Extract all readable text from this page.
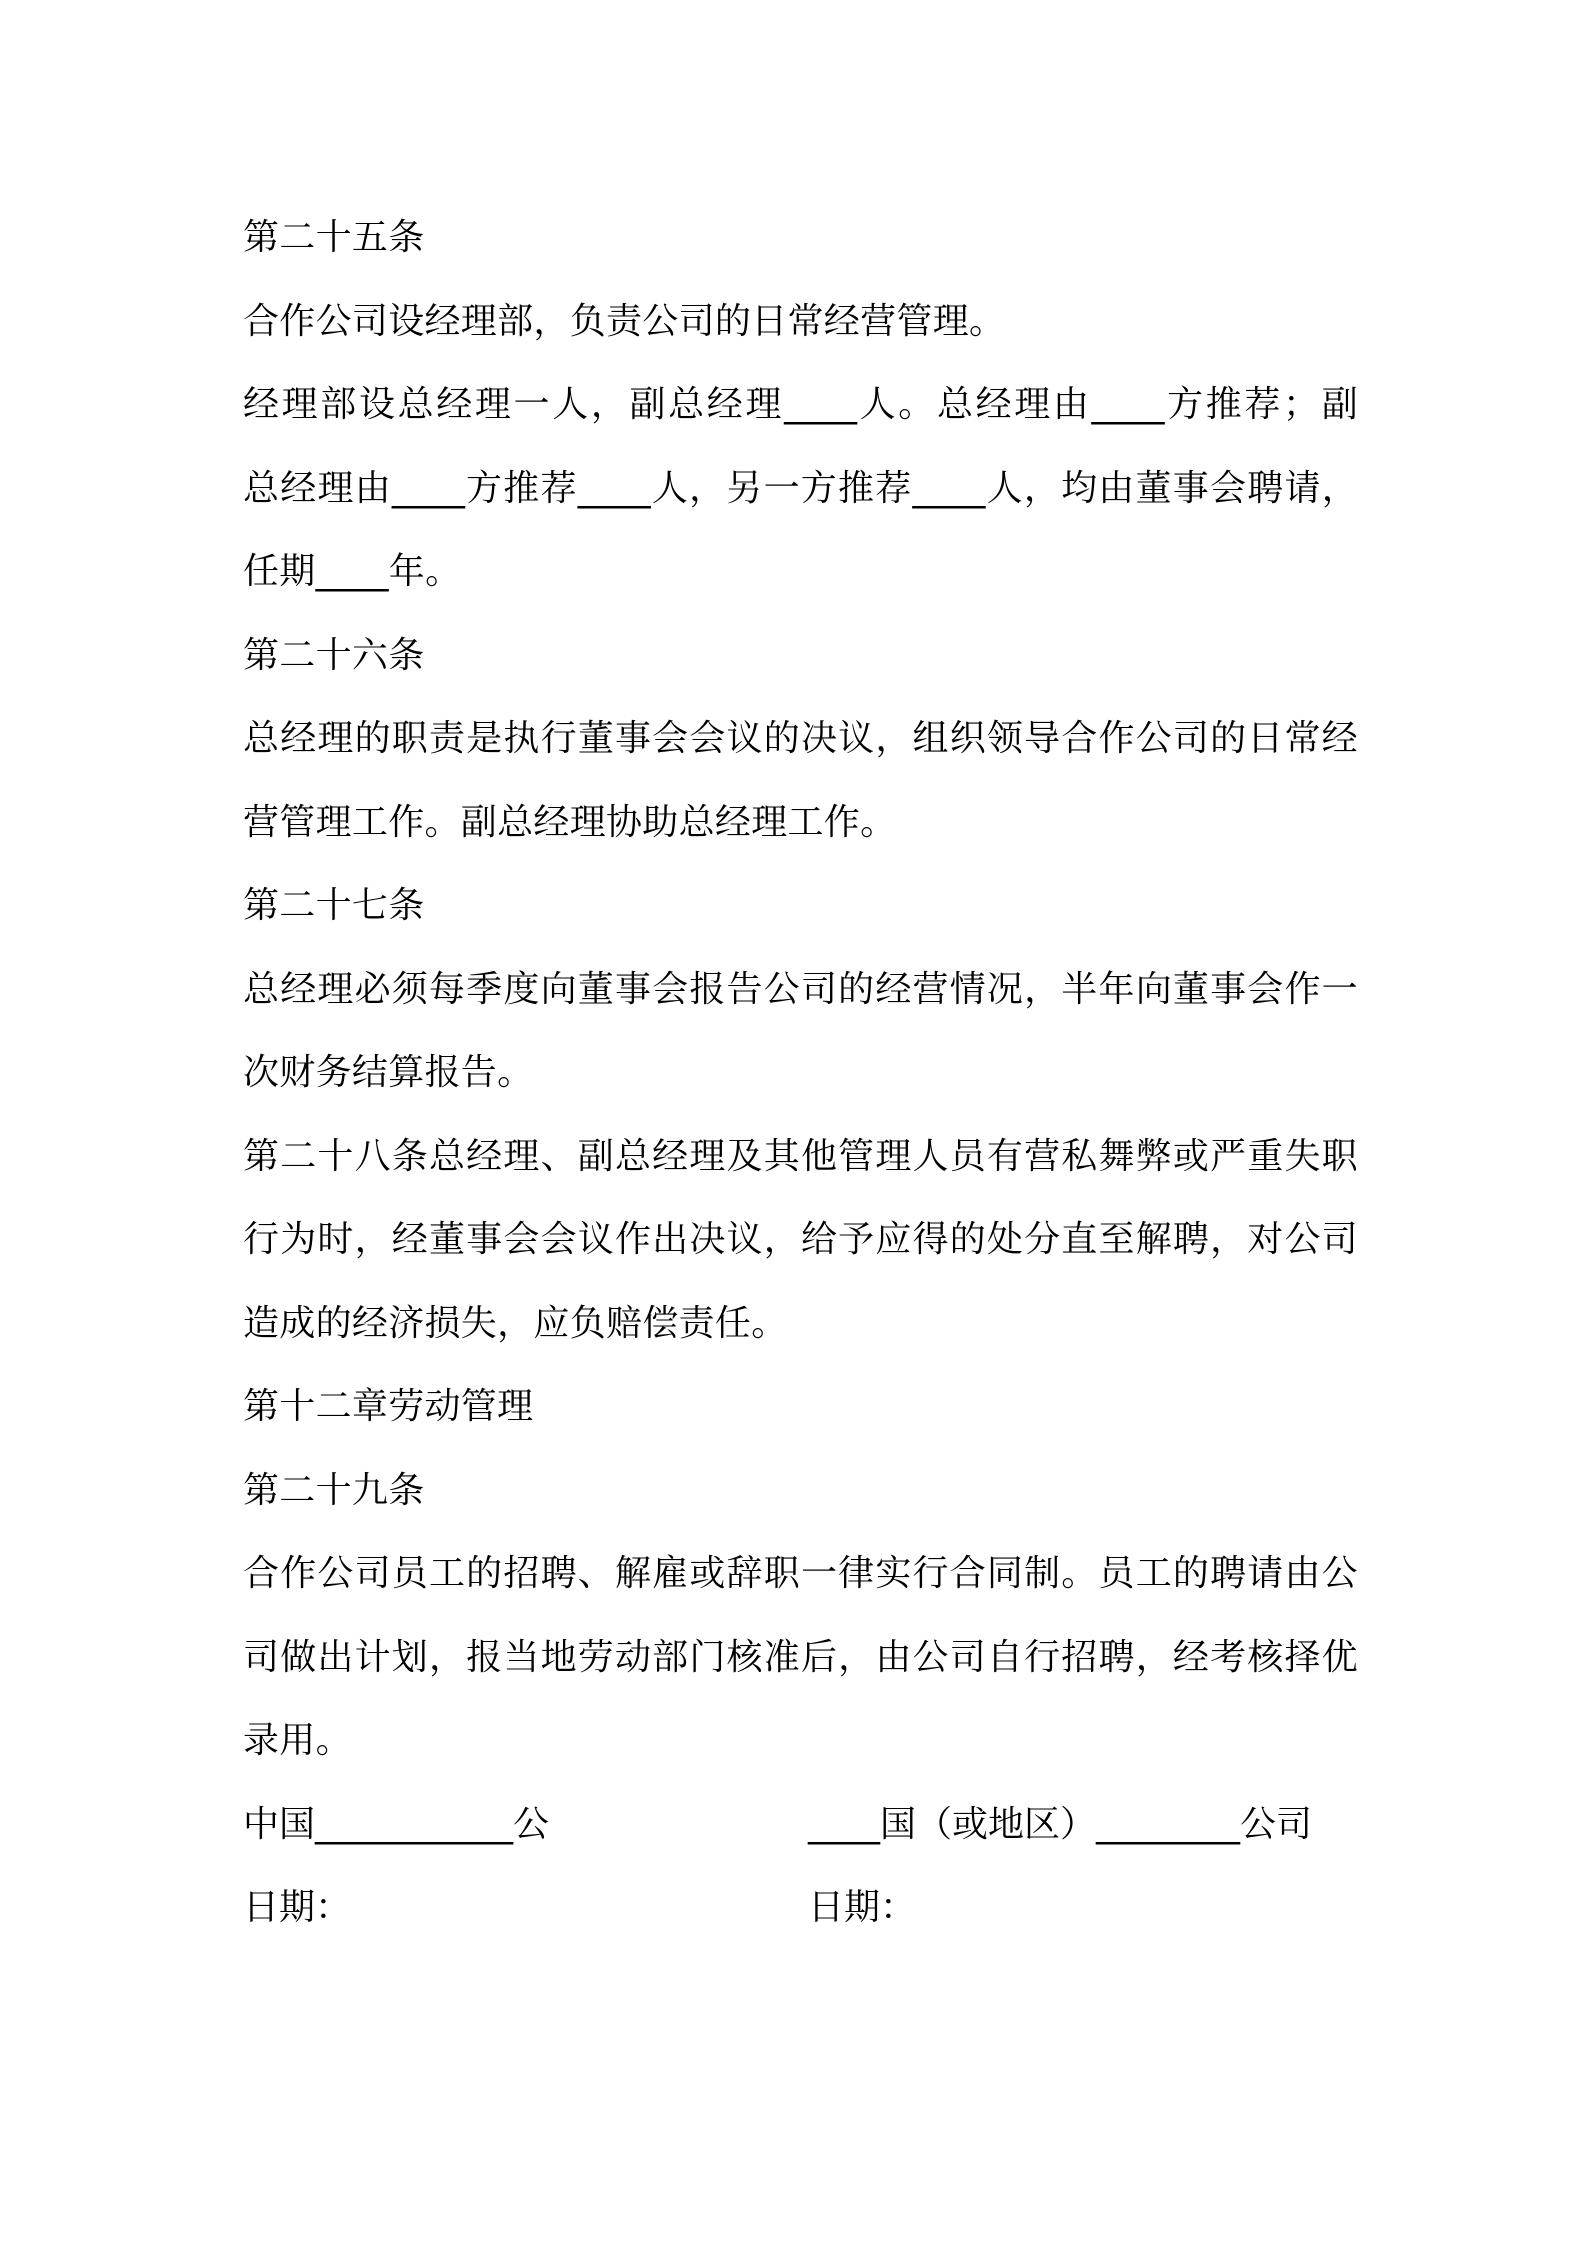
第二十五条
合作公司设经理部，负责公司的日常经营管理。
经理部设总经理一人，副总经理____人。总经理由____方推荐；副
总经理由____方推荐____人，另一方推荐____人，均由董事会聘请，
任期____年。
第二十六条
总经理的职责是执行董事会会议的决议，组织领导合作公司的日常经
营管理工作。副总经理协助总经理工作。
第二十七条
总经理必须每季度向董事会报告公司的经营情况，半年向董事会作一
次财务结算报告。
第二十八条总经理、副总经理及其他管理人员有营私舞弊或严重失职
行为时，经董事会会议作出决议，给予应得的处分直至解聘，对公司
造成的经济损失，应负赔偿责任。
第十二章劳动管理
第二十九条
合作公司员工的招聘、解雇或辞职一律实行合同制。员工的聘请由公
司做出计划，报当地劳动部门核准后，由公司自行招聘，经考核择优
录用。

中国___________公

	____国（或地区）________公司

日期：

	日期：
